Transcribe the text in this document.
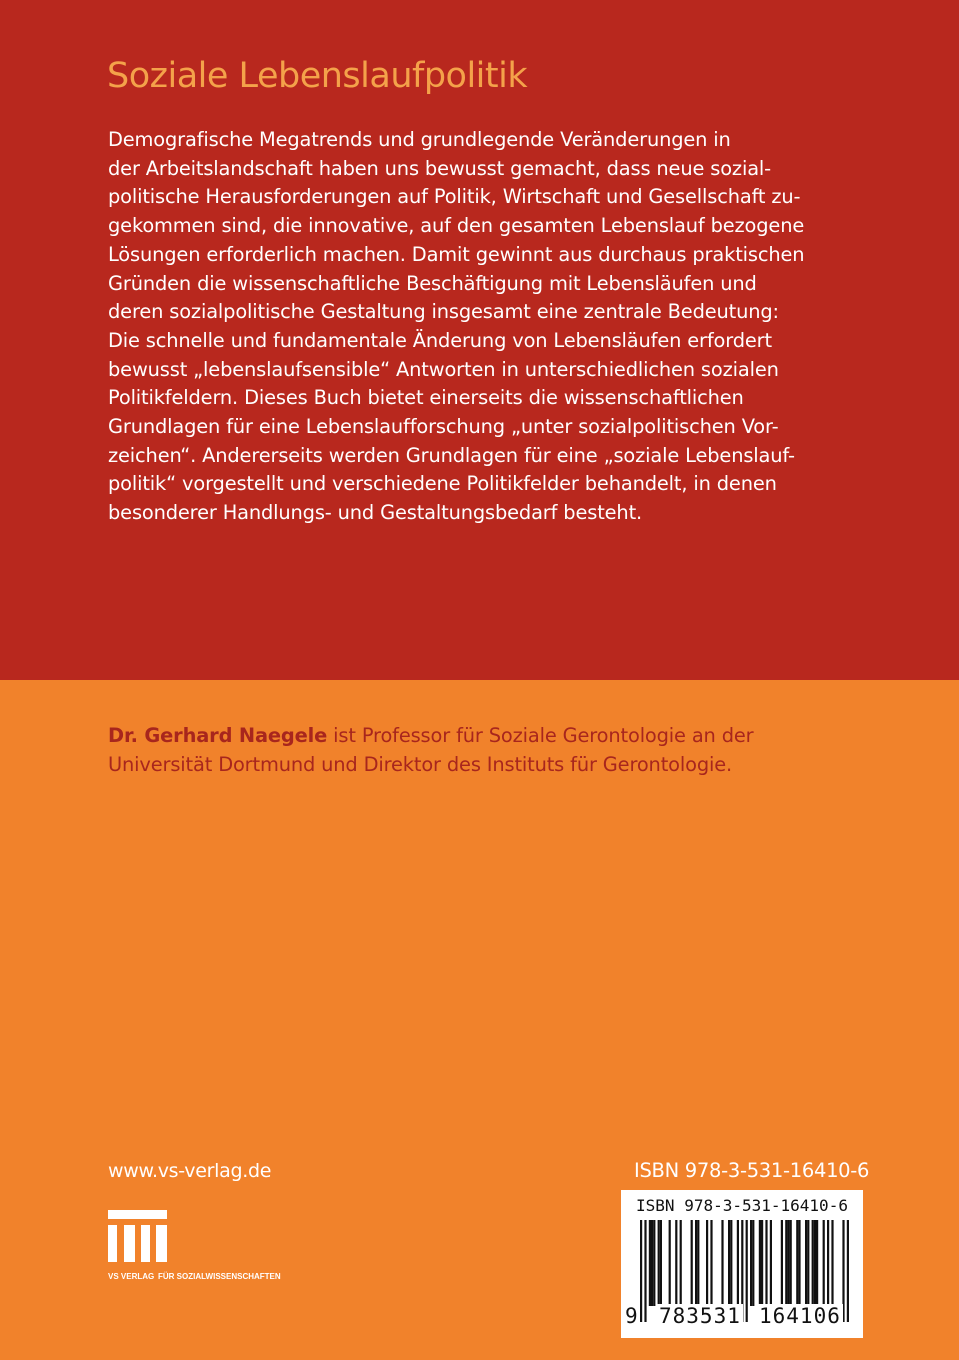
Soziale Lebenslaufpolitik
Demografische Megatrends und grundlegende Veränderungen in
der Arbeitslandschaft haben uns bewusst gemacht, dass neue sozial-
politische Herausforderungen auf Politik, Wirtschaft und Gesellschaft zu-
gekommen sind, die innovative, auf den gesamten Lebenslauf bezogene
Lösungen erforderlich machen. Damit gewinnt aus durchaus praktischen
Gründen die wissenschaftliche Beschäftigung mit Lebensläufen und
deren sozialpolitische Gestaltung insgesamt eine zentrale Bedeutung:
Die schnelle und fundamentale Änderung von Lebensläufen erfordert
bewusst „lebenslaufsensible“ Antworten in unterschiedlichen sozialen
Politikfeldern. Dieses Buch bietet einerseits die wissenschaftlichen
Grundlagen für eine Lebenslaufforschung „unter sozialpolitischen Vor-
zeichen“. Andererseits werden Grundlagen für eine „soziale Lebenslauf-
politik“ vorgestellt und verschiedene Politikfelder behandelt, in denen
besonderer Handlungs- und Gestaltungsbedarf besteht.
Dr. Gerhard Naegele ist Professor für Soziale Gerontologie an der
Universität Dortmund und Direktor des Instituts für Gerontologie.
www.vs-verlag.de
VS VERLAG FÜR SOZIALWISSENSCHAFTEN
ISBN 978-3-531-16410-6
ISBN 978-3-531-16410-6
9 783531 164106
